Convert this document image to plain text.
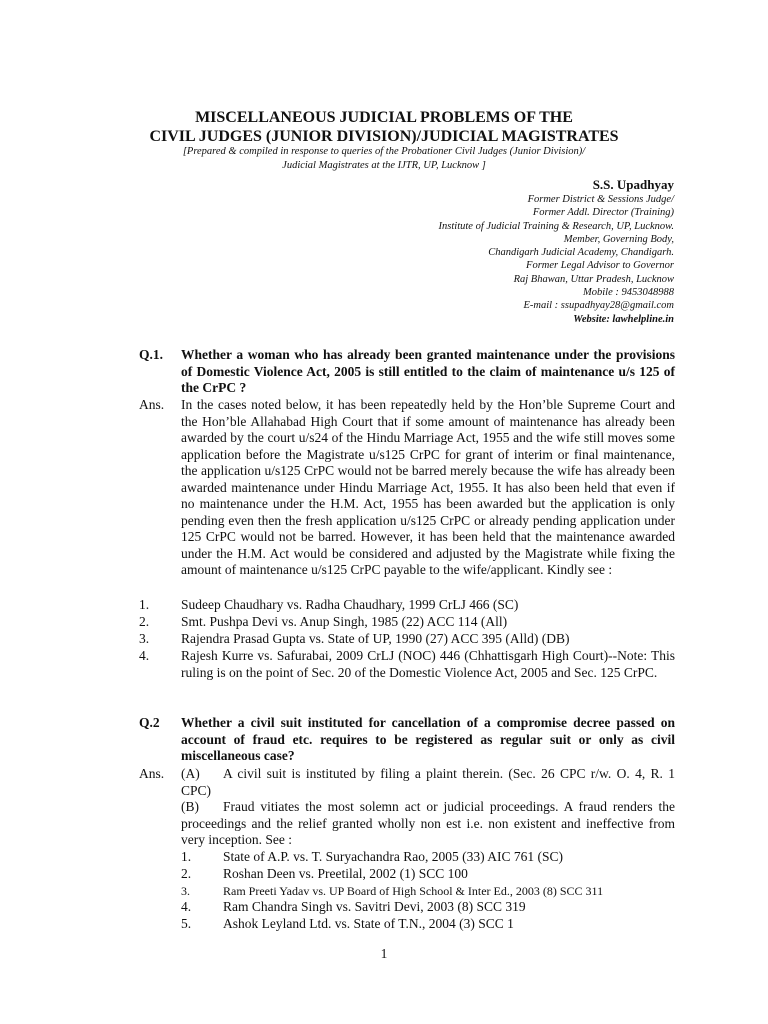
MISCELLANEOUS JUDICIAL PROBLEMS OF THE
CIVIL JUDGES (JUNIOR DIVISION)/JUDICIAL MAGISTRATES
[Prepared & compiled in response to queries of the Probationer Civil Judges (Junior Division)/
Judicial Magistrates at the IJTR, UP, Lucknow ]
S.S. Upadhyay
Former District & Sessions Judge/
Former Addl. Director (Training)
Institute of Judicial Training & Research, UP, Lucknow.
Member, Governing Body,
Chandigarh Judicial Academy, Chandigarh.
Former Legal Advisor to Governor
Raj Bhawan, Uttar Pradesh, Lucknow
Mobile : 9453048988
E-mail : ssupadhyay28@gmail.com
Website: lawhelpline.in
Q.1. Whether a woman who has already been granted maintenance under the provisions of Domestic Violence Act, 2005 is still entitled to the claim of maintenance u/s 125 of the CrPC ?
Ans. In the cases noted below, it has been repeatedly held by the Hon’ble Supreme Court and the Hon’ble Allahabad High Court that if some amount of maintenance has already been awarded by the court u/s24 of the Hindu Marriage Act, 1955 and the wife still moves some application before the Magistrate u/s125 CrPC for grant of interim or final maintenance, the application u/s125 CrPC would not be barred merely because the wife has already been awarded maintenance under Hindu Marriage Act, 1955. It has also been held that even if no maintenance under the H.M. Act, 1955 has been awarded but the application is only pending even then the fresh application u/s125 CrPC or already pending application under 125 CrPC would not be barred. However, it has been held that the maintenance awarded under the H.M. Act would be considered and adjusted by the Magistrate while fixing the amount of maintenance u/s125 CrPC payable to the wife/applicant. Kindly see :
1. Sudeep Chaudhary vs. Radha Chaudhary, 1999 CrLJ 466 (SC)
2. Smt. Pushpa Devi vs. Anup Singh, 1985 (22) ACC 114 (All)
3. Rajendra Prasad Gupta vs. State of UP, 1990 (27) ACC 395 (Alld) (DB)
4. Rajesh Kurre vs. Safurabai, 2009 CrLJ (NOC) 446 (Chhattisgarh High Court)--Note: This ruling is on the point of Sec. 20 of the Domestic Violence Act, 2005 and Sec. 125 CrPC.
Q.2 Whether a civil suit instituted for cancellation of a compromise decree passed on account of fraud etc. requires to be registered as regular suit or only as civil miscellaneous case?
Ans. (A) A civil suit is instituted by filing a plaint therein. (Sec. 26 CPC r/w. O. 4, R. 1 CPC)
(B) Fraud vitiates the most solemn act or judicial proceedings. A fraud renders the proceedings and the relief granted wholly non est i.e. non existent and ineffective from very inception. See :
1. State of A.P. vs. T. Suryachandra Rao, 2005 (33) AIC 761 (SC)
2. Roshan Deen vs. Preetilal, 2002 (1) SCC 100
3.	Ram Preeti Yadav vs. UP Board of High School & Inter Ed., 2003 (8) SCC 311
4. Ram Chandra Singh vs. Savitri Devi, 2003 (8) SCC 319
5. Ashok Leyland Ltd. vs. State of T.N., 2004 (3) SCC 1
1
